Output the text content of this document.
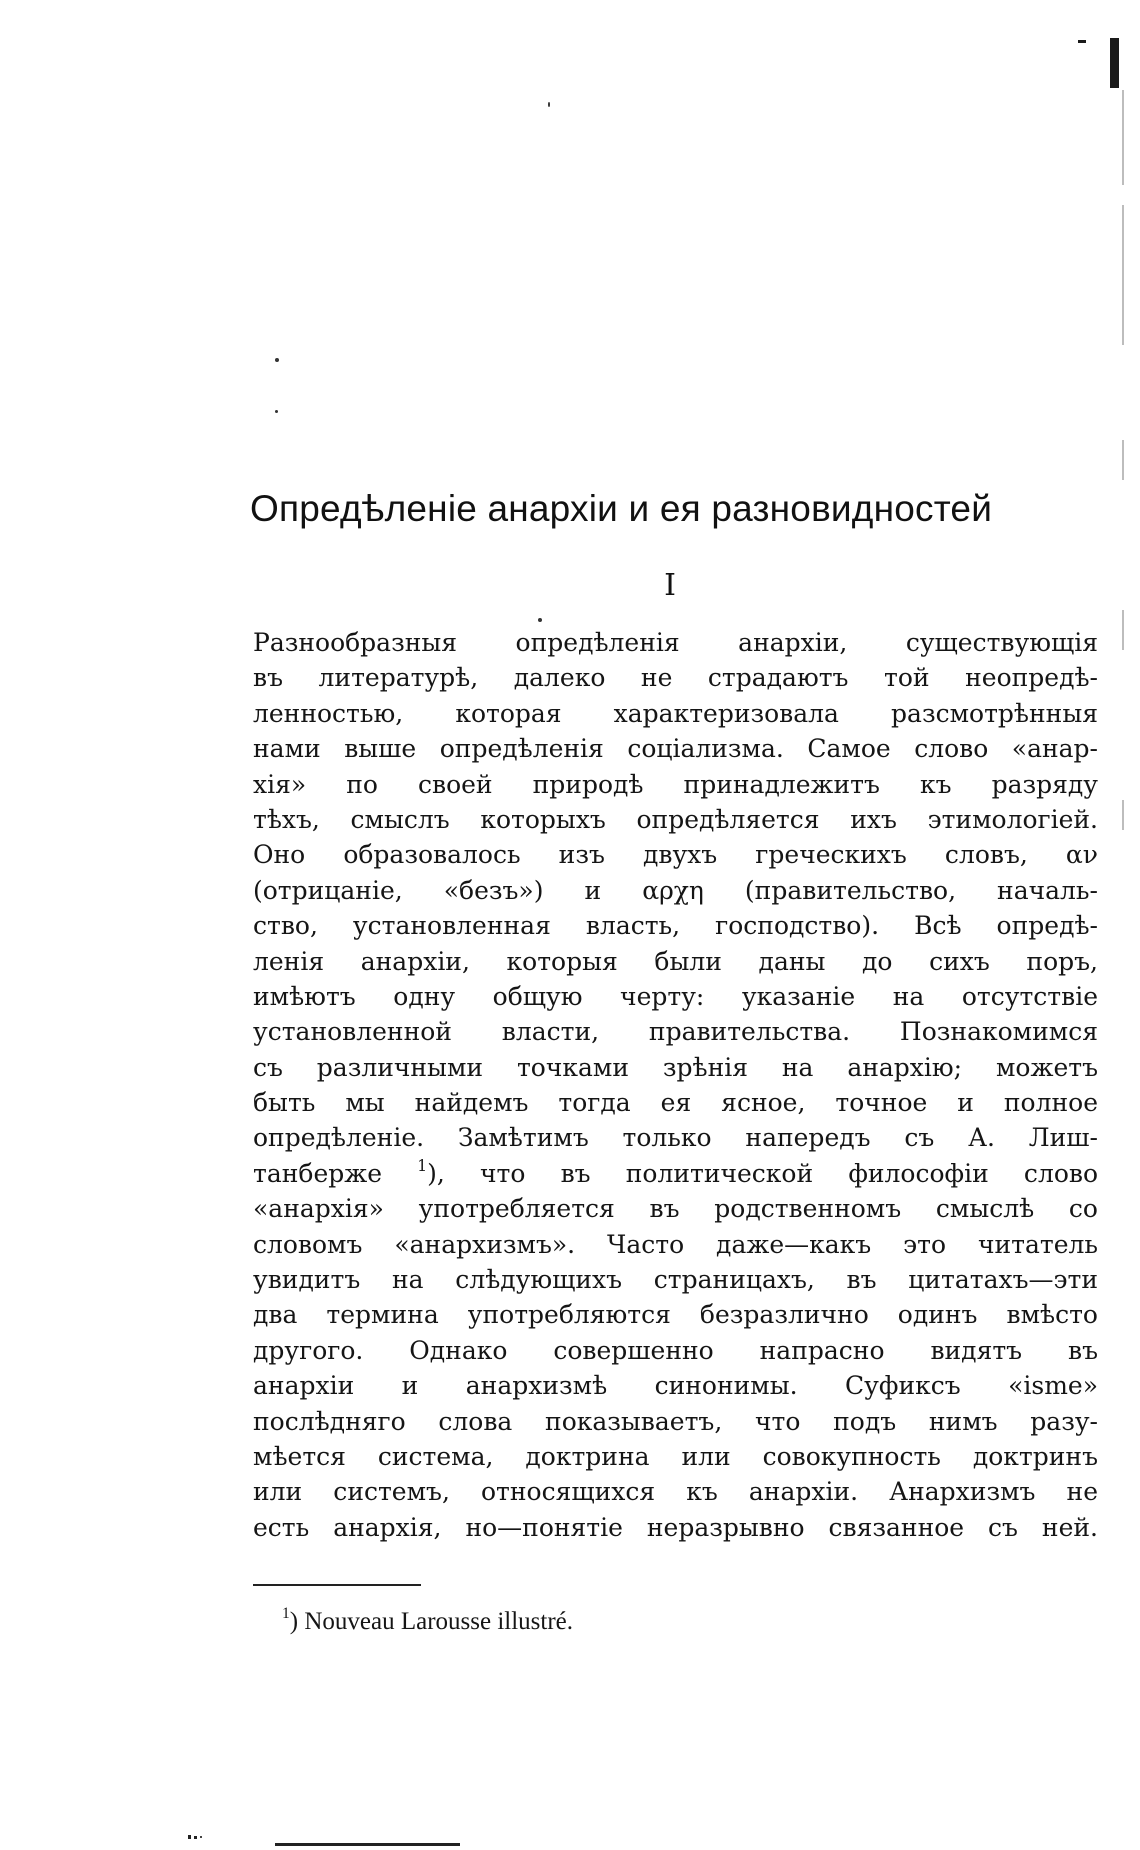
Опредѣленіе анархіи и ея разновидностей
I
Разнообразныя опредѣленія анархіи, существующія
въ литературѣ, далеко не страдаютъ той неопредѣ-
ленностью, которая характеризовала разсмотрѣнныя
нами выше опредѣленія соціализма. Самое слово «анар-
хія» по своей природѣ принадлежитъ къ разряду
тѣхъ, смыслъ которыхъ опредѣляется ихъ этимологіей.
Оно образовалось изъ двухъ греческихъ словъ, αν
(отрицаніе, «безъ») и αρχη (правительство, началь-
ство, установленная власть, господство). Всѣ опредѣ-
ленія анархіи, которыя были даны до сихъ поръ,
имѣютъ одну общую черту: указаніе на отсутствіе
установленной власти, правительства. Познакомимся
съ различными точками зрѣнія на анархію; можетъ
быть мы найдемъ тогда ея ясное, точное и полное
опредѣленіе. Замѣтимъ только напередъ съ А. Лиш-
танберже $^1$), что въ политической философіи слово
«анархія» употребляется въ родственномъ смыслѣ со
словомъ «анархизмъ». Часто даже—какъ это читатель
увидитъ на слѣдующихъ страницахъ, въ цитатахъ—эти
два термина употребляются безразлично одинъ вмѣсто
другого. Однако совершенно напрасно видятъ въ
анархіи и анархизмѣ синонимы. Суфиксъ «isme»
послѣдняго слова показываетъ, что подъ нимъ разу-
мѣется система, доктрина или совокупность доктринъ
или системъ, относящихся къ анархіи. Анархизмъ не
есть анархія, но—понятіе неразрывно связанное съ ней.
$^1$) Nouveau Larousse illustré.
